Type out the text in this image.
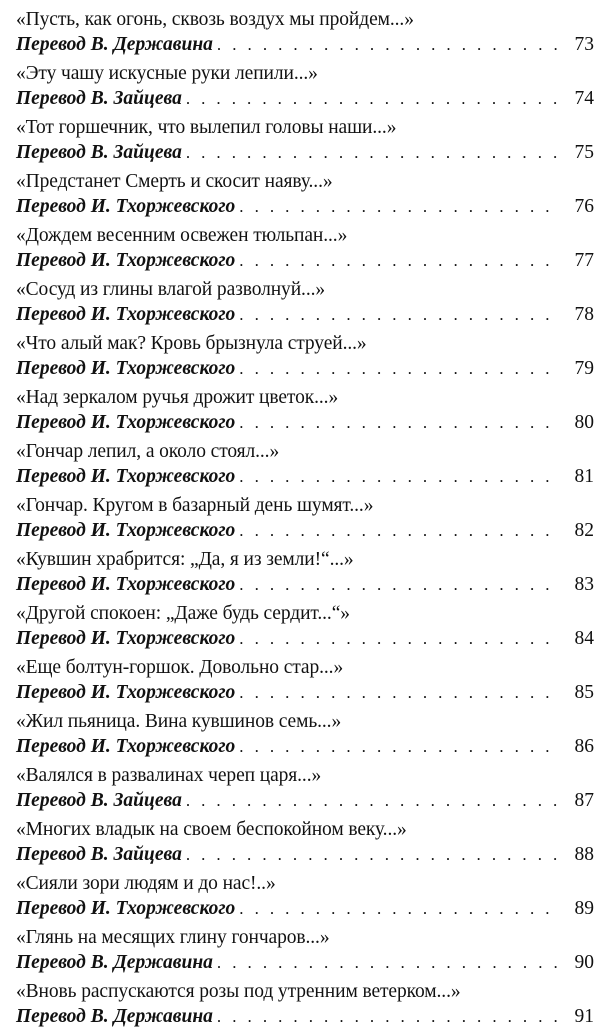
«Пусть, как огонь, сквозь воздух мы пройдем...»
Перевод В. Державина . . .	73
«Эту чашу искусные руки лепили...»
Перевод В. Зайцева . . .	74
«Тот горшечник, что вылепил головы наши...»
Перевод В. Зайцева . . .	75
«Предстанет Смерть и скосит наяву...»
Перевод И. Тхоржевского . . .	76
«Дождем весенним освежен тюльпан...»
Перевод И. Тхоржевского . . .	77
«Сосуд из глины влагой разволнуй...»
Перевод И. Тхоржевского . . .	78
«Что алый мак? Кровь брызнула струей...»
Перевод И. Тхоржевского . . .	79
«Над зеркалом ручья дрожит цветок...»
Перевод И. Тхоржевского . . .	80
«Гончар лепил, а около стоял...»
Перевод И. Тхоржевского . . .	81
«Гончар. Кругом в базарный день шумят...»
Перевод И. Тхоржевского . . .	82
«Кувшин храбрится: „Да, я из земли!“...»
Перевод И. Тхоржевского . . .	83
«Другой спокоен: „Даже будь сердит...“»
Перевод И. Тхоржевского . . .	84
«Еще болтун-горшок. Довольно стар...»
Перевод И. Тхоржевского . . .	85
«Жил пьяница. Вина кувшинов семь...»
Перевод И. Тхоржевского . . .	86
«Валялся в развалинах череп царя...»
Перевод В. Зайцева . . .	87
«Многих владык на своем беспокойном веку...»
Перевод В. Зайцева . . .	88
«Сияли зори людям и до нас!..»
Перевод И. Тхоржевского . . .	89
«Глянь на месящих глину гончаров...»
Перевод В. Державина . . .	90
«Вновь распускаются розы под утренним ветерком...»
Перевод В. Державина . . .	91
